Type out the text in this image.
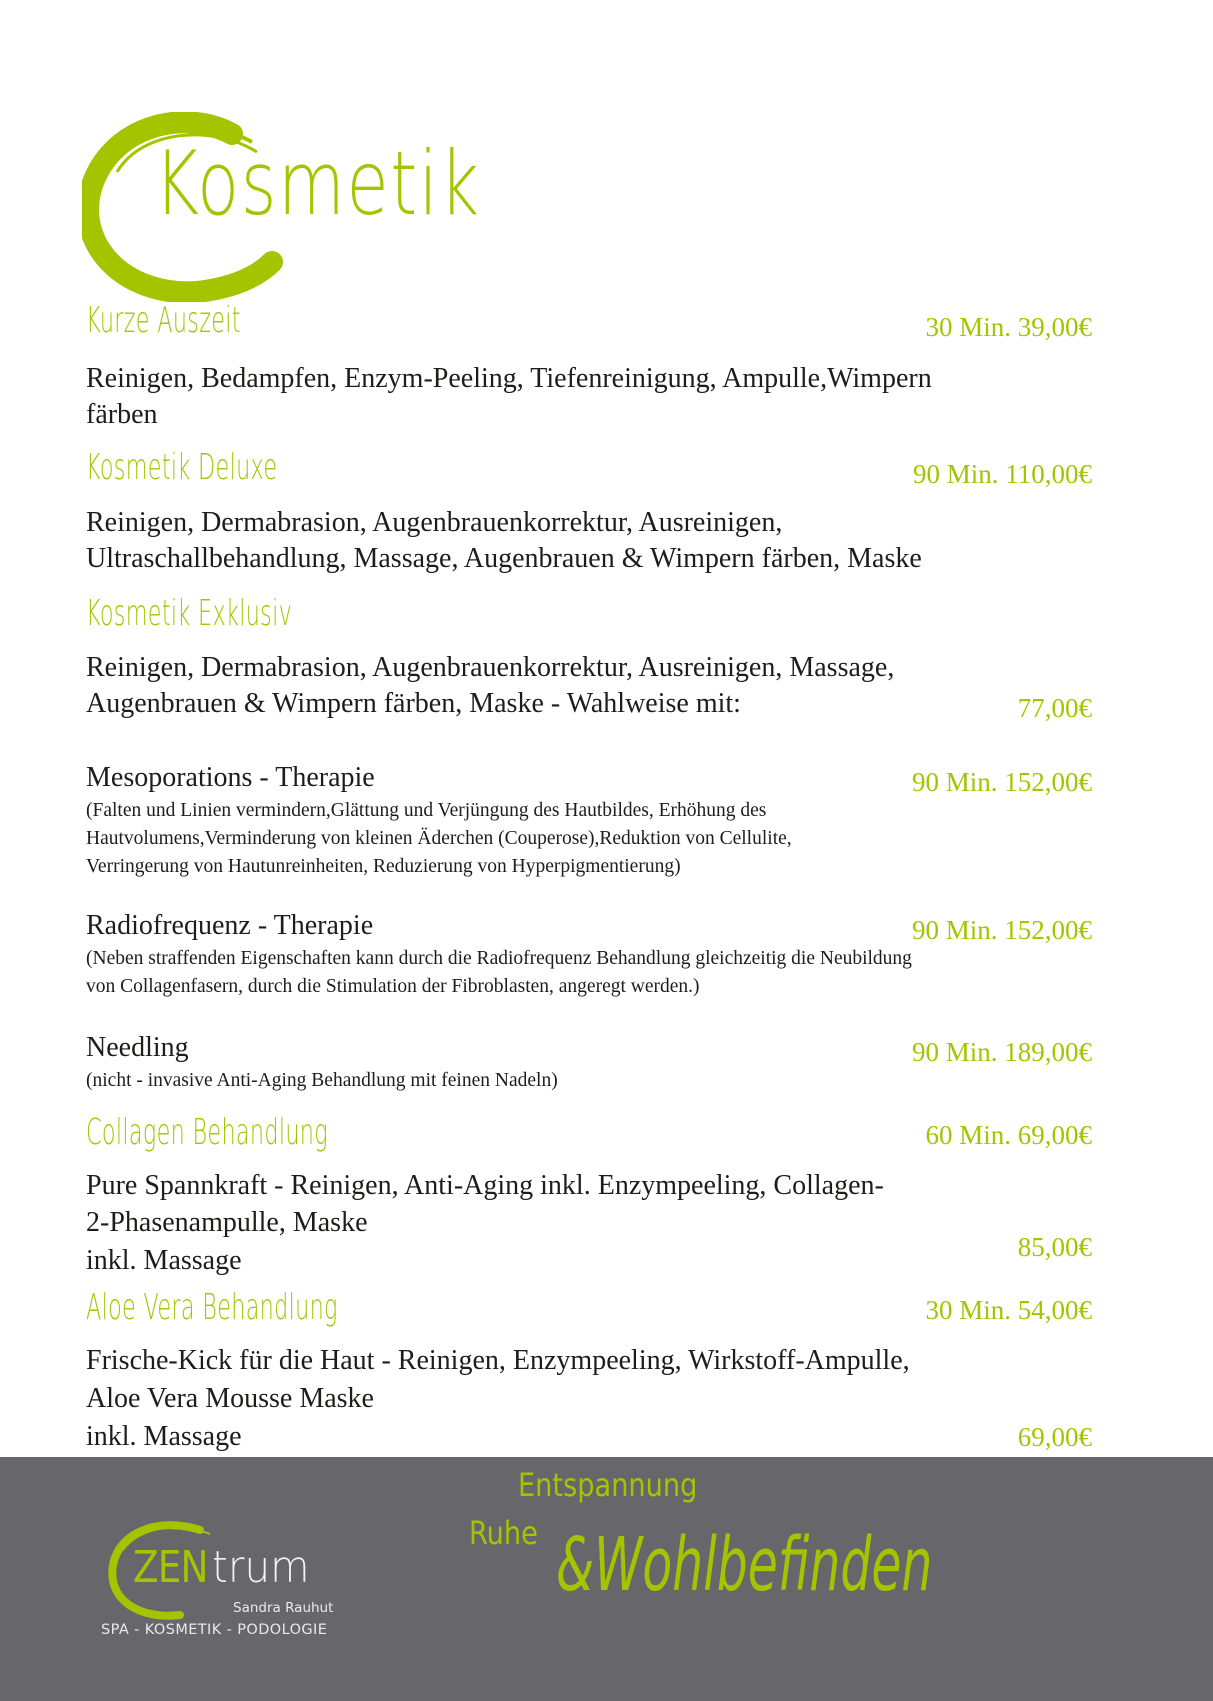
Kosmetik
Kurze Auszeit	30 Min. 39,00€
Reinigen, Bedampfen, Enzym-Peeling, Tiefenreinigung, Ampulle,Wimpern
färben
Kosmetik Deluxe	90 Min. 110,00€
Reinigen, Dermabrasion, Augenbrauenkorrektur, Ausreinigen,
Ultraschallbehandlung, Massage, Augenbrauen & Wimpern färben, Maske
Kosmetik Exklusiv
Reinigen, Dermabrasion, Augenbrauenkorrektur, Ausreinigen, Massage,
Augenbrauen & Wimpern färben, Maske - Wahlweise mit:	77,00€
Mesoporations - Therapie	90 Min. 152,00€
(Falten und Linien vermindern,Glättung und Verjüngung des Hautbildes, Erhöhung des
Hautvolumens,Verminderung von kleinen Äderchen (Couperose),Reduktion von Cellulite,
Verringerung von Hautunreinheiten, Reduzierung von Hyperpigmentierung)
Radiofrequenz - Therapie	90 Min. 152,00€
(Neben straffenden Eigenschaften kann durch die Radiofrequenz Behandlung gleichzeitig die Neubildung
von Collagenfasern, durch die Stimulation der Fibroblasten, angeregt werden.)
Needling	90 Min. 189,00€
(nicht - invasive Anti-Aging Behandlung mit feinen Nadeln)
Collagen Behandlung	60 Min. 69,00€
Pure Spannkraft - Reinigen, Anti-Aging inkl. Enzympeeling, Collagen-
2-Phasenampulle, Maske
inkl. Massage	85,00€
Aloe Vera Behandlung	30 Min. 54,00€
Frische-Kick für die Haut - Reinigen, Enzympeeling, Wirkstoff-Ampulle,
Aloe Vera Mousse Maske
inkl. Massage	69,00€
ZEN trum
Sandra Rauhut
SPA - KOSMETIK - PODOLOGIE
Entspannung
Ruhe &Wohlbefinden
